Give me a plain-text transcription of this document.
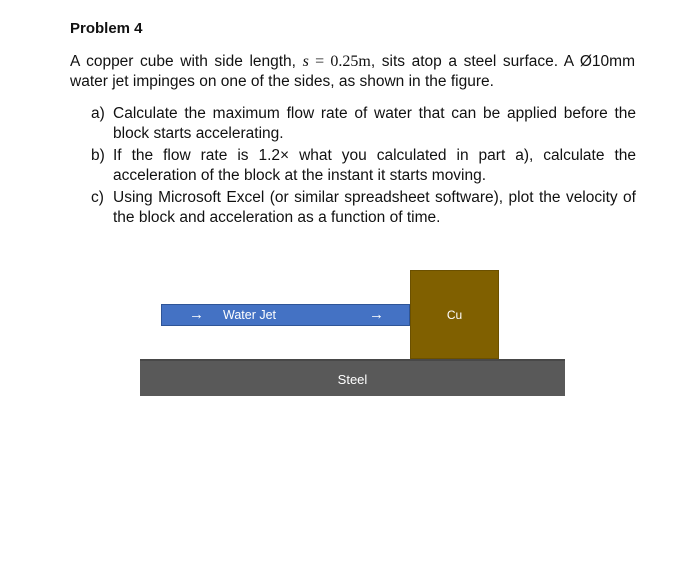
Problem 4
A copper cube with side length, s = 0.25m, sits atop a steel surface. A Ø10mm water jet impinges on one of the sides, as shown in the figure.
a) Calculate the maximum flow rate of water that can be applied before the block starts accelerating.
b) If the flow rate is 1.2× what you calculated in part a), calculate the acceleration of the block at the instant it starts moving.
c) Using Microsoft Excel (or similar spreadsheet software), plot the velocity of the block and acceleration as a function of time.
Steel
→	Water Jet	→	Cu
